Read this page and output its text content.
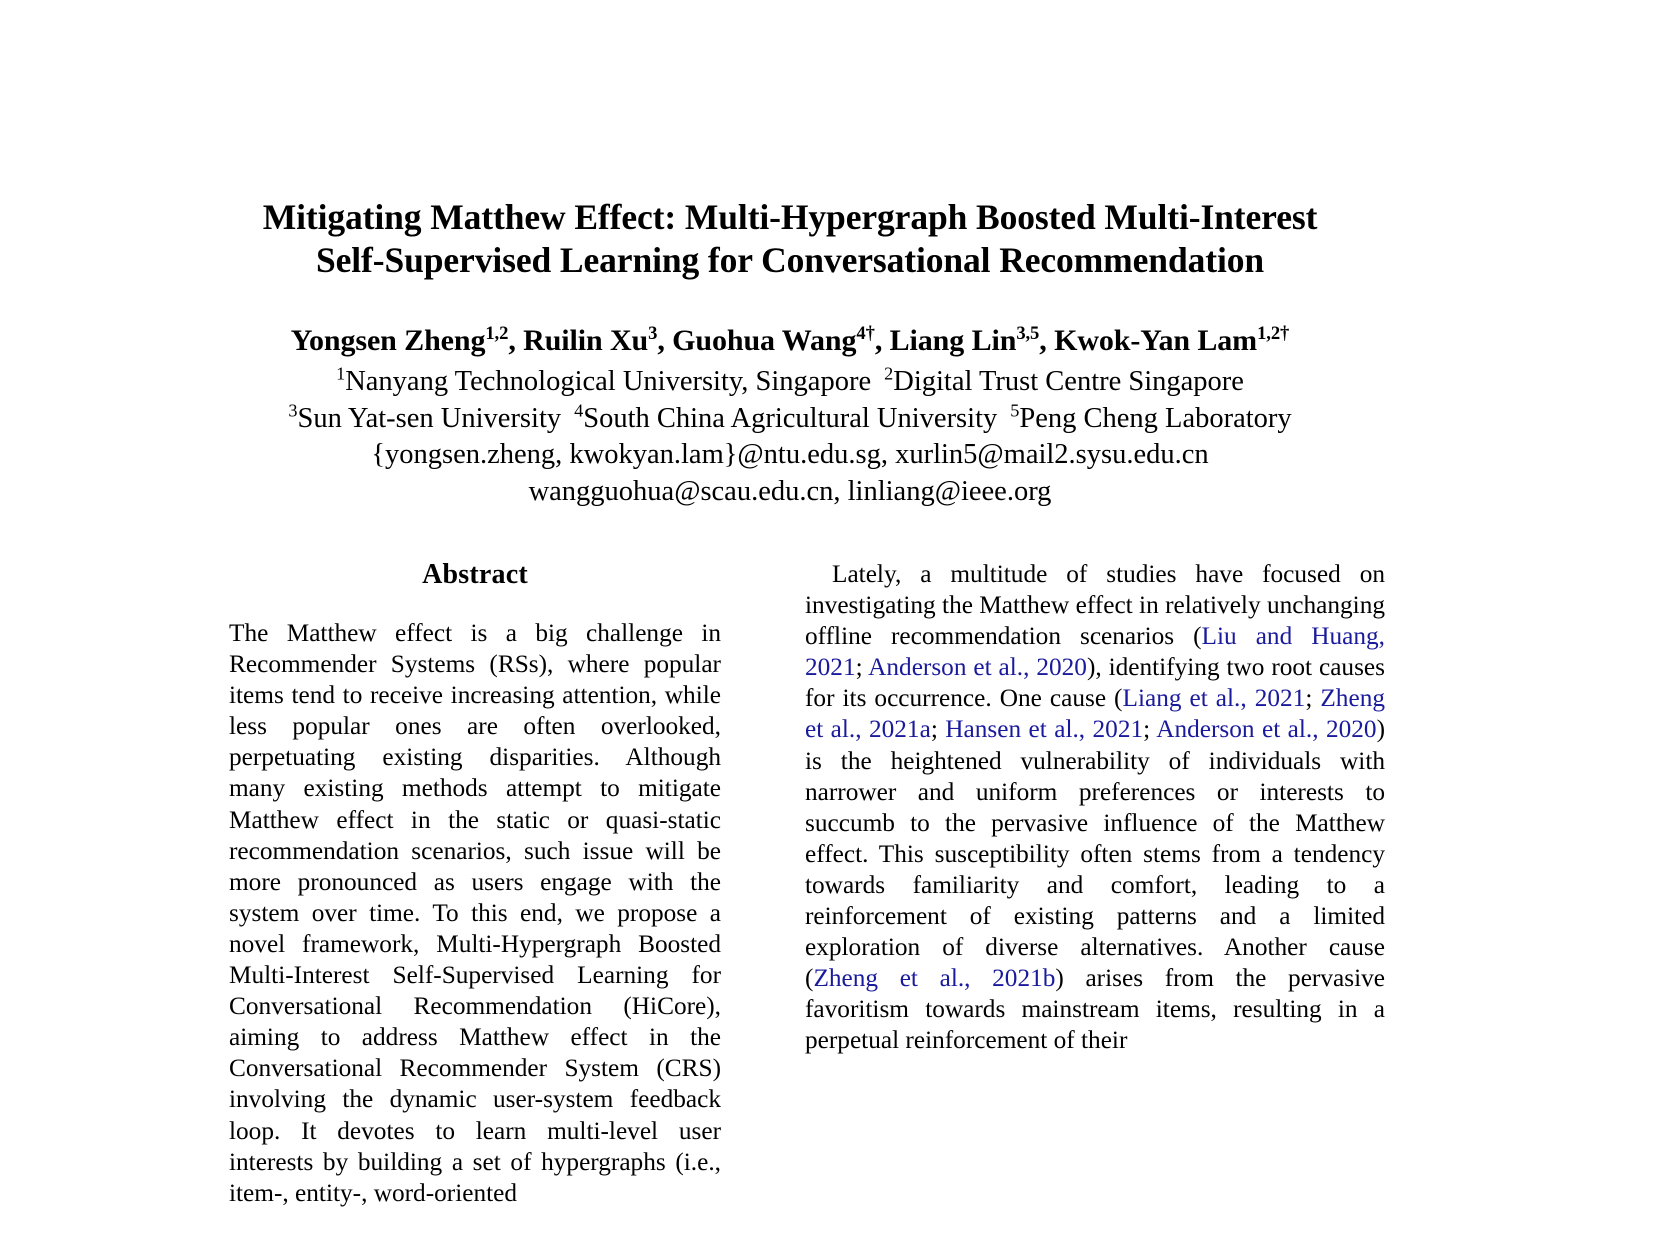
Mitigating Matthew Effect: Multi-Hypergraph Boosted Multi-Interest
Self-Supervised Learning for Conversational Recommendation

Yongsen Zheng$^{1,2}$, Ruilin Xu$^3$, Guohua Wang$^{4\dagger}$, Liang Lin$^{3,5}$, Kwok-Yan Lam$^{1,2\dagger}$

$^1$Nanyang Technological University, Singapore $^2$Digital Trust Centre Singapore
$^3$Sun Yat-sen University $^4$South China Agricultural University $^5$Peng Cheng Laboratory

{yongsen.zheng, kwokyan.lam}@ntu.edu.sg, xurlin5@mail2.sysu.edu.cn
wangguohua@scau.edu.cn, linliang@ieee.org

Abstract

The Matthew effect is a big challenge in Recommender Systems (RSs), where popular items tend to receive increasing attention, while less popular ones are often overlooked, perpetuating existing disparities. Although many existing methods attempt to mitigate Matthew effect in the static or quasi-static recommendation scenarios, such issue will be more pronounced as users engage with the system over time. To this end, we propose a novel framework, Multi-Hypergraph Boosted Multi-Interest Self-Supervised Learning for Conversational Recommendation (HiCore), aiming to address Matthew effect in the Conversational Recommender System (CRS) involving the dynamic user-system feedback loop. It devotes to learn multi-level user interests by building a set of hypergraphs (i.e., item-, entity-, word-oriented

Lately, a multitude of studies have focused on investigating the Matthew effect in relatively unchanging offline recommendation scenarios (Liu and Huang, 2021; Anderson et al., 2020), identifying two root causes for its occurrence. One cause (Liang et al., 2021; Zheng et al., 2021a; Hansen et al., 2021; Anderson et al., 2020) is the heightened vulnerability of individuals with narrower and uniform preferences or interests to succumb to the pervasive influence of the Matthew effect. This susceptibility often stems from a tendency towards familiarity and comfort, leading to a reinforcement of existing patterns and a limited exploration of diverse alternatives. Another cause (Zheng et al., 2021b) arises from the pervasive favoritism towards mainstream items, resulting in a perpetual reinforcement of their
